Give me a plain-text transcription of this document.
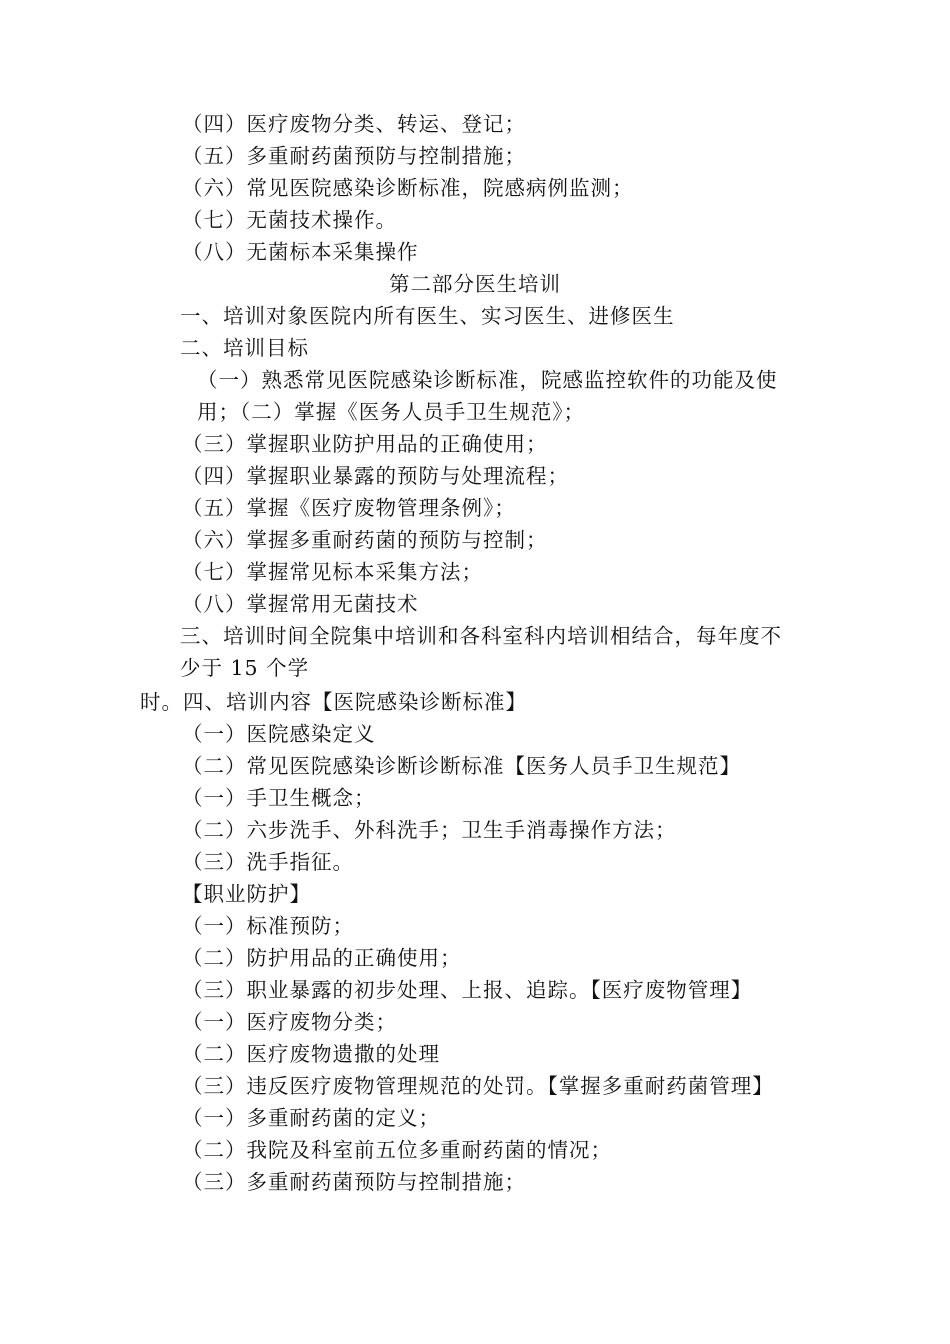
（四）医疗废物分类、转运、登记；
（五）多重耐药菌预防与控制措施；
（六）常见医院感染诊断标准，院感病例监测；
（七）无菌技术操作。
（八）无菌标本采集操作
第二部分医生培训
一、培训对象医院内所有医生、实习医生、进修医生
二、培训目标
（一）熟悉常见医院感染诊断标准，院感监控软件的功能及使
用；（二）掌握《医务人员手卫生规范》；
（三）掌握职业防护用品的正确使用；
（四）掌握职业暴露的预防与处理流程；
（五）掌握《医疗废物管理条例》；
（六）掌握多重耐药菌的预防与控制；
（七）掌握常见标本采集方法；
（八）掌握常用无菌技术
三、培训时间全院集中培训和各科室科内培训相结合，每年度不
少于 15 个学
时。四、培训内容【医院感染诊断标准】
（一）医院感染定义
（二）常见医院感染诊断诊断标准【医务人员手卫生规范】
（一）手卫生概念；
（二）六步洗手、外科洗手；卫生手消毒操作方法；
（三）洗手指征。
【职业防护】
（一）标准预防；
（二）防护用品的正确使用；
（三）职业暴露的初步处理、上报、追踪。【医疗废物管理】
（一）医疗废物分类；
（二）医疗废物遗撒的处理
（三）违反医疗废物管理规范的处罚。【掌握多重耐药菌管理】
（一）多重耐药菌的定义；
（二）我院及科室前五位多重耐药菌的情况；
（三）多重耐药菌预防与控制措施；
